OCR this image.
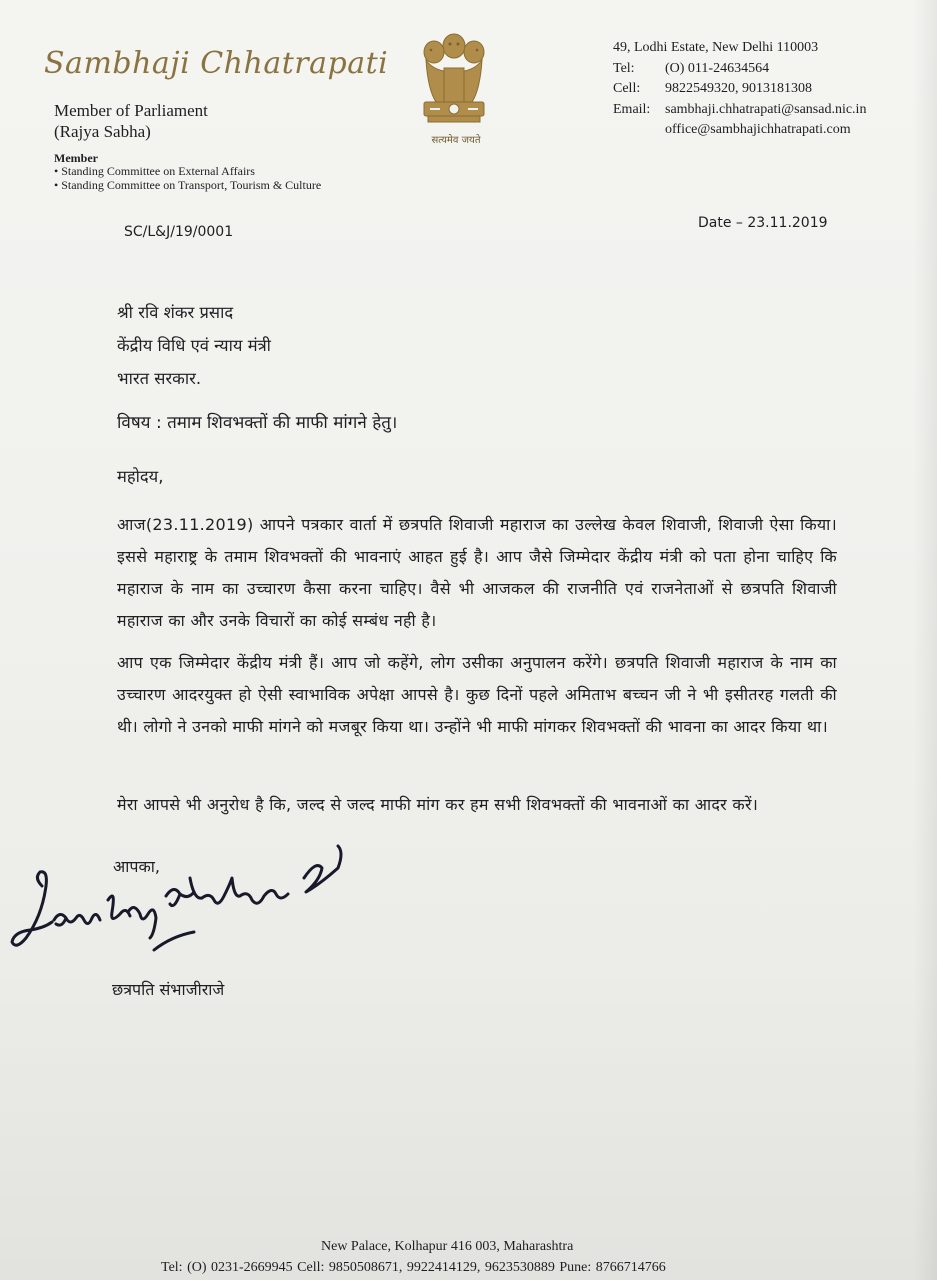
Sambhaji Chhatrapati
Member of Parliament
(Rajya Sabha)
Member
• Standing Committee on External Affairs
• Standing Committee on Transport, Tourism & Culture
सत्यमेव जयते
49, Lodhi Estate, New Delhi 110003
Tel: (O) 011-24634564
Cell: 9822549320, 9013181308
Email: sambhaji.chhatrapati@sansad.nic.in
office@sambhajichhatrapati.com
SC/L&J/19/0001
Date – 23.11.2019
श्री रवि शंकर प्रसाद
केंद्रीय विधि एवं न्याय मंत्री
भारत सरकार.
विषय : तमाम शिवभक्तों की माफी मांगने हेतु।
महोदय,
आज(23.11.2019) आपने पत्रकार वार्ता में छत्रपति शिवाजी महाराज का उल्लेख केवल शिवाजी, शिवाजी ऐसा किया। इससे महाराष्ट्र के तमाम शिवभक्तों की भावनाएं आहत हुई है। आप जैसे जिम्मेदार केंद्रीय मंत्री को पता होना चाहिए कि महाराज के नाम का उच्चारण कैसा करना चाहिए। वैसे भी आजकल की राजनीति एवं राजनेताओं से छत्रपति शिवाजी महाराज का और उनके विचारों का कोई सम्बंध नही है।
आप एक जिम्मेदार केंद्रीय मंत्री हैं। आप जो कहेंगे, लोग उसीका अनुपालन करेंगे। छत्रपति शिवाजी महाराज के नाम का उच्चारण आदरयुक्त हो ऐसी स्वाभाविक अपेक्षा आपसे है। कुछ दिनों पहले अमिताभ बच्चन जी ने भी इसीतरह गलती की थी। लोगो ने उनको माफी मांगने को मजबूर किया था। उन्होंने भी माफी मांगकर शिवभक्तों की भावना का आदर किया था।
मेरा आपसे भी अनुरोध है कि, जल्द से जल्द माफी मांग कर हम सभी शिवभक्तों की भावनाओं का आदर करें।
आपका,
छत्रपति संभाजीराजे
New Palace, Kolhapur 416 003, Maharashtra
Tel: (O) 0231-2669945 Cell: 9850508671, 9922414129, 9623530889 Pune: 8766714766
